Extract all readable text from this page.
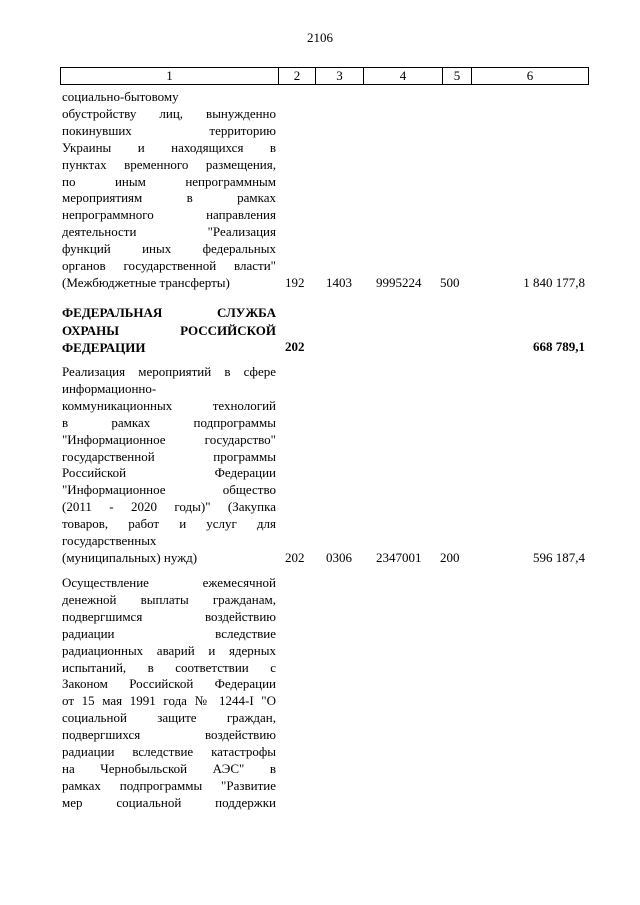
2106
1	2	3	4	5	6
социально-бытовому
обустройству лиц, вынужденно
покинувших территорию
Украины и находящихся в
пунктах временного размещения,
по иным непрограммным
мероприятиям в рамках
непрограммного направления
деятельности "Реализация
функций иных федеральных
органов государственной власти"
(Межбюджетные трансферты)	192 1403 9995224 500	1 840 177,8
ФЕДЕРАЛЬНАЯ СЛУЖБА
ОХРАНЫ РОССИЙСКОЙ
ФЕДЕРАЦИИ	202	668 789,1
Реализация мероприятий в сфере
информационно-
коммуникационных технологий
в рамках подпрограммы
"Информационное государство"
государственной программы
Российской Федерации
"Информационное общество
(2011 - 2020 годы)" (Закупка
товаров, работ и услуг для
государственных
(муниципальных) нужд)	202 0306 2347001 200	596 187,4
Осуществление ежемесячной
денежной выплаты гражданам,
подвергшимся воздействию
радиации вследствие
радиационных аварий и ядерных
испытаний, в соответствии с
Законом Российской Федерации
от 15 мая 1991 года № 1244-I "О
социальной защите граждан,
подвергшихся воздействию
радиации вследствие катастрофы
на Чернобыльской АЭС" в
рамках подпрограммы "Развитие
мер социальной поддержки
